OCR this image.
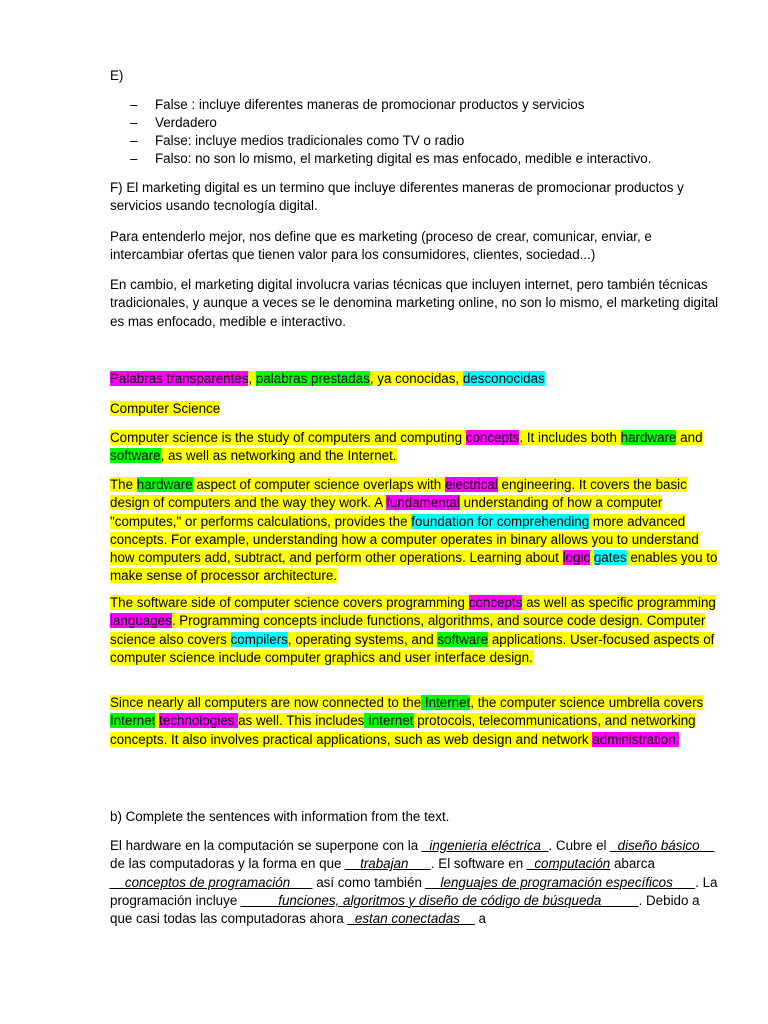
E)
– False : incluye diferentes maneras de promocionar productos y servicios
– Verdadero
– False: incluye medios tradicionales como TV o radio
– Falso: no son lo mismo, el marketing digital es mas enfocado, medible e interactivo.
F) El marketing digital es un termino que incluye diferentes maneras de promocionar productos y servicios usando tecnología digital.
Para entenderlo mejor, nos define que es marketing (proceso de crear, comunicar, enviar, e intercambiar ofertas que tienen valor para los consumidores, clientes, sociedad...)
En cambio, el marketing digital involucra varias técnicas que incluyen internet, pero también técnicas tradicionales, y aunque a veces se le denomina marketing online, no son lo mismo, el marketing digital es mas enfocado, medible e interactivo.
Palabras transparentes, palabras prestadas, ya conocidas, desconocidas
Computer Science
Computer science is the study of computers and computing concepts. It includes both hardware and software, as well as networking and the Internet.
The hardware aspect of computer science overlaps with electrical engineering. It covers the basic design of computers and the way they work. A fundamental understanding of how a computer "computes," or performs calculations, provides the foundation for comprehending more advanced concepts. For example, understanding how a computer operates in binary allows you to understand how computers add, subtract, and perform other operations. Learning about logic gates enables you to make sense of processor architecture.
The software side of computer science covers programming concepts as well as specific programming languages. Programming concepts include functions, algorithms, and source code design. Computer science also covers compilers, operating systems, and software applications. User-focused aspects of computer science include computer graphics and user interface design.
Since nearly all computers are now connected to the Internet, the computer science umbrella covers Internet technologies as well. This includes Internet protocols, telecommunications, and networking concepts. It also involves practical applications, such as web design and network administration.
b) Complete the sentences with information from the text.
El hardware en la computación se superpone con la _ingenieria eléctrica_. Cubre el _diseño básico__ de las computadoras y la forma en que __trabajan___. El software en _computación abarca __conceptos de programación___ así como también __lenguajes de programación específicos___. La programación incluye _____funciones, algoritmos y diseño de código de búsqueda_____. Debido a que casi todas las computadoras ahora _estan conectadas__ a
